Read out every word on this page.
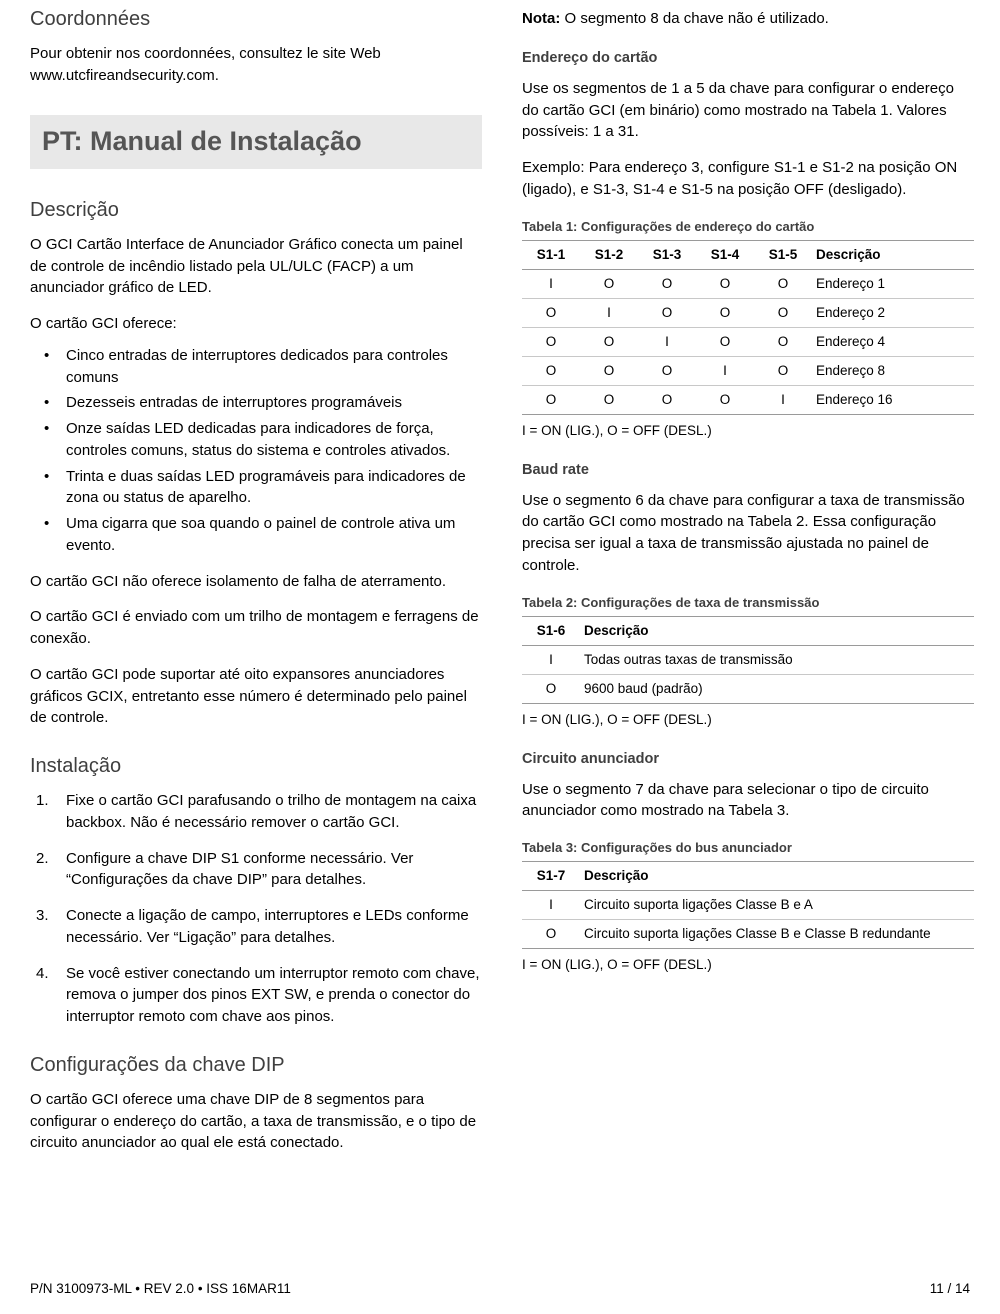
Coordonnées

Pour obtenir nos coordonnées, consultez le site Web www.utcfireandsecurity.com.

PT: Manual de Instalação
Descrição

O GCI Cartão Interface de Anunciador Gráfico conecta um painel de controle de incêndio listado pela UL/ULC (FACP) a um anunciador gráfico de LED.

O cartão GCI oferece:

• Cinco entradas de interruptores dedicados para controles comuns
• Dezesseis entradas de interruptores programáveis
• Onze saídas LED dedicadas para indicadores de força, controles comuns, status do sistema e controles ativados.
• Trinta e duas saídas LED programáveis para indicadores de zona ou status de aparelho.
• Uma cigarra que soa quando o painel de controle ativa um evento.

O cartão GCI não oferece isolamento de falha de aterramento.

O cartão GCI é enviado com um trilho de montagem e ferragens de conexão.

O cartão GCI pode suportar até oito expansores anunciadores gráficos GCIX, entretanto esse número é determinado pelo painel de controle.

Instalação
Fixe o cartão GCI parafusando o trilho de montagem na caixa backbox. Não é necessário remover o cartão GCI.
Configure a chave DIP S1 conforme necessário. Ver “Configurações da chave DIP” para detalhes.
Conecte a ligação de campo, interruptores e LEDs conforme necessário. Ver “Ligação” para detalhes.
Se você estiver conectando um interruptor remoto com chave, remova o jumper dos pinos EXT SW, e prenda o conector do interruptor remoto com chave aos pinos.
Configurações da chave DIP

O cartão GCI oferece uma chave DIP de 8 segmentos para configurar o endereço do cartão, a taxa de transmissão, e o tipo de circuito anunciador ao qual ele está conectado.

Nota: O segmento 8 da chave não é utilizado.
Endereço do cartão

Use os segmentos de 1 a 5 da chave para configurar o endereço do cartão GCI (em binário) como mostrado na Tabela 1. Valores possíveis: 1 a 31.

Exemplo: Para endereço 3, configure S1-1 e S1-2 na posição ON (ligado), e S1-3, S1-4 e S1-5 na posição OFF (desligado).

Tabela 1: Configurações de endereço do cartão
S1-1	S1-2	S1-3	S1-4	S1-5	Descrição
I	O	O	O	O	Endereço 1
O	I	O	O	O	Endereço 2
O	O	I	O	O	Endereço 4
O	O	O	I	O	Endereço 8
O	O	O	O	I	Endereço 16
I = ON (LIG.), O = OFF (DESL.)
Baud rate

Use o segmento 6 da chave para configurar a taxa de transmissão do cartão GCI como mostrado na Tabela 2. Essa configuração precisa ser igual a taxa de transmissão ajustada no painel de controle.

Tabela 2: Configurações de taxa de transmissão
S1-6	Descrição
I	Todas outras taxas de transmissão
O	9600 baud (padrão)
I = ON (LIG.), O = OFF (DESL.)
Circuito anunciador

Use o segmento 7 da chave para selecionar o tipo de circuito anunciador como mostrado na Tabela 3.

Tabela 3: Configurações do bus anunciador
S1-7	Descrição
I	Circuito suporta ligações Classe B e A
O	Circuito suporta ligações Classe B e Classe B redundante
I = ON (LIG.), O = OFF (DESL.)
P/N 3100973-ML • REV 2.0 • ISS 16MAR11	11 / 14
